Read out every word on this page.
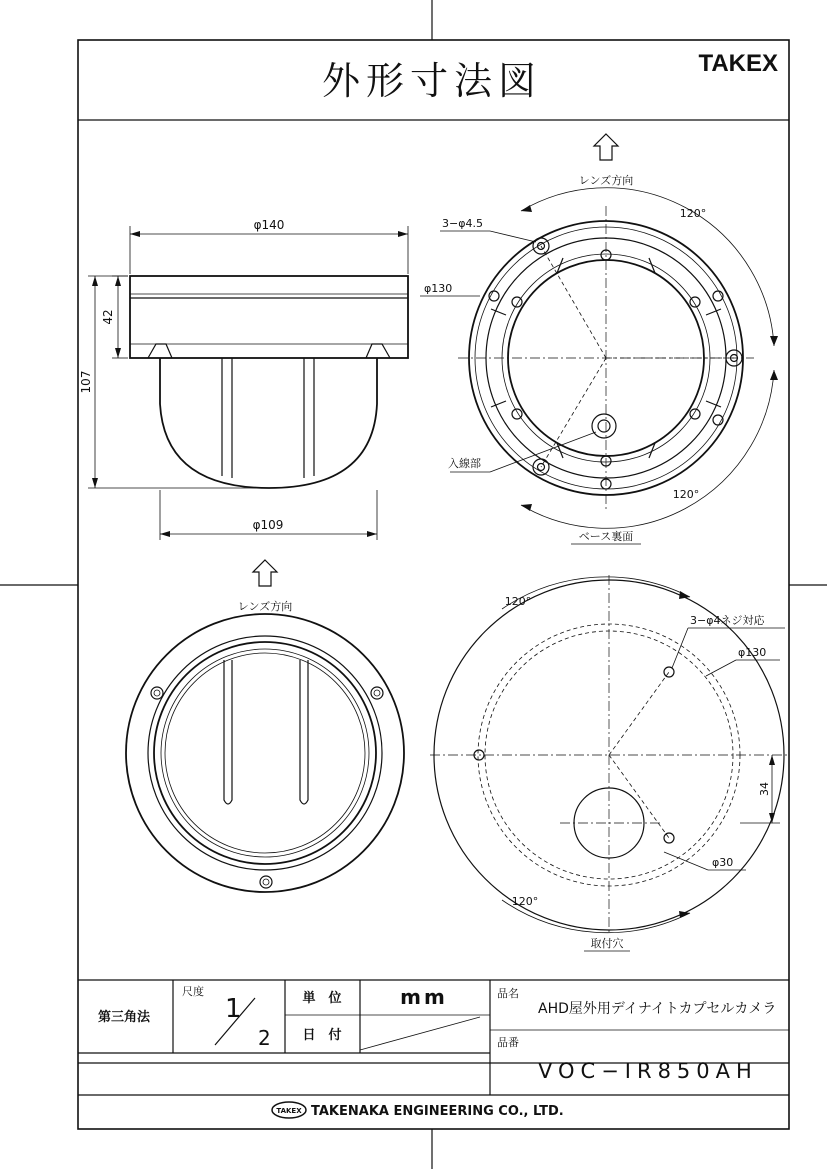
外形寸法図	TAKEX
φ140
φ109
42
107
レンズ方向
120°
120°
3−φ4.5
φ130
入線部
ベース裏面
レンズ方向	120°
120°
3−φ4ネジ対応
φ130
φ30
34
取付穴
第三角法
尺度
1
2
単　位	mm
日　付
品名
AHD屋外用デイナイトカプセルカメラ
品番
VOC−IR850AH
TAKEX TAKENAKA ENGINEERING CO., LTD.
